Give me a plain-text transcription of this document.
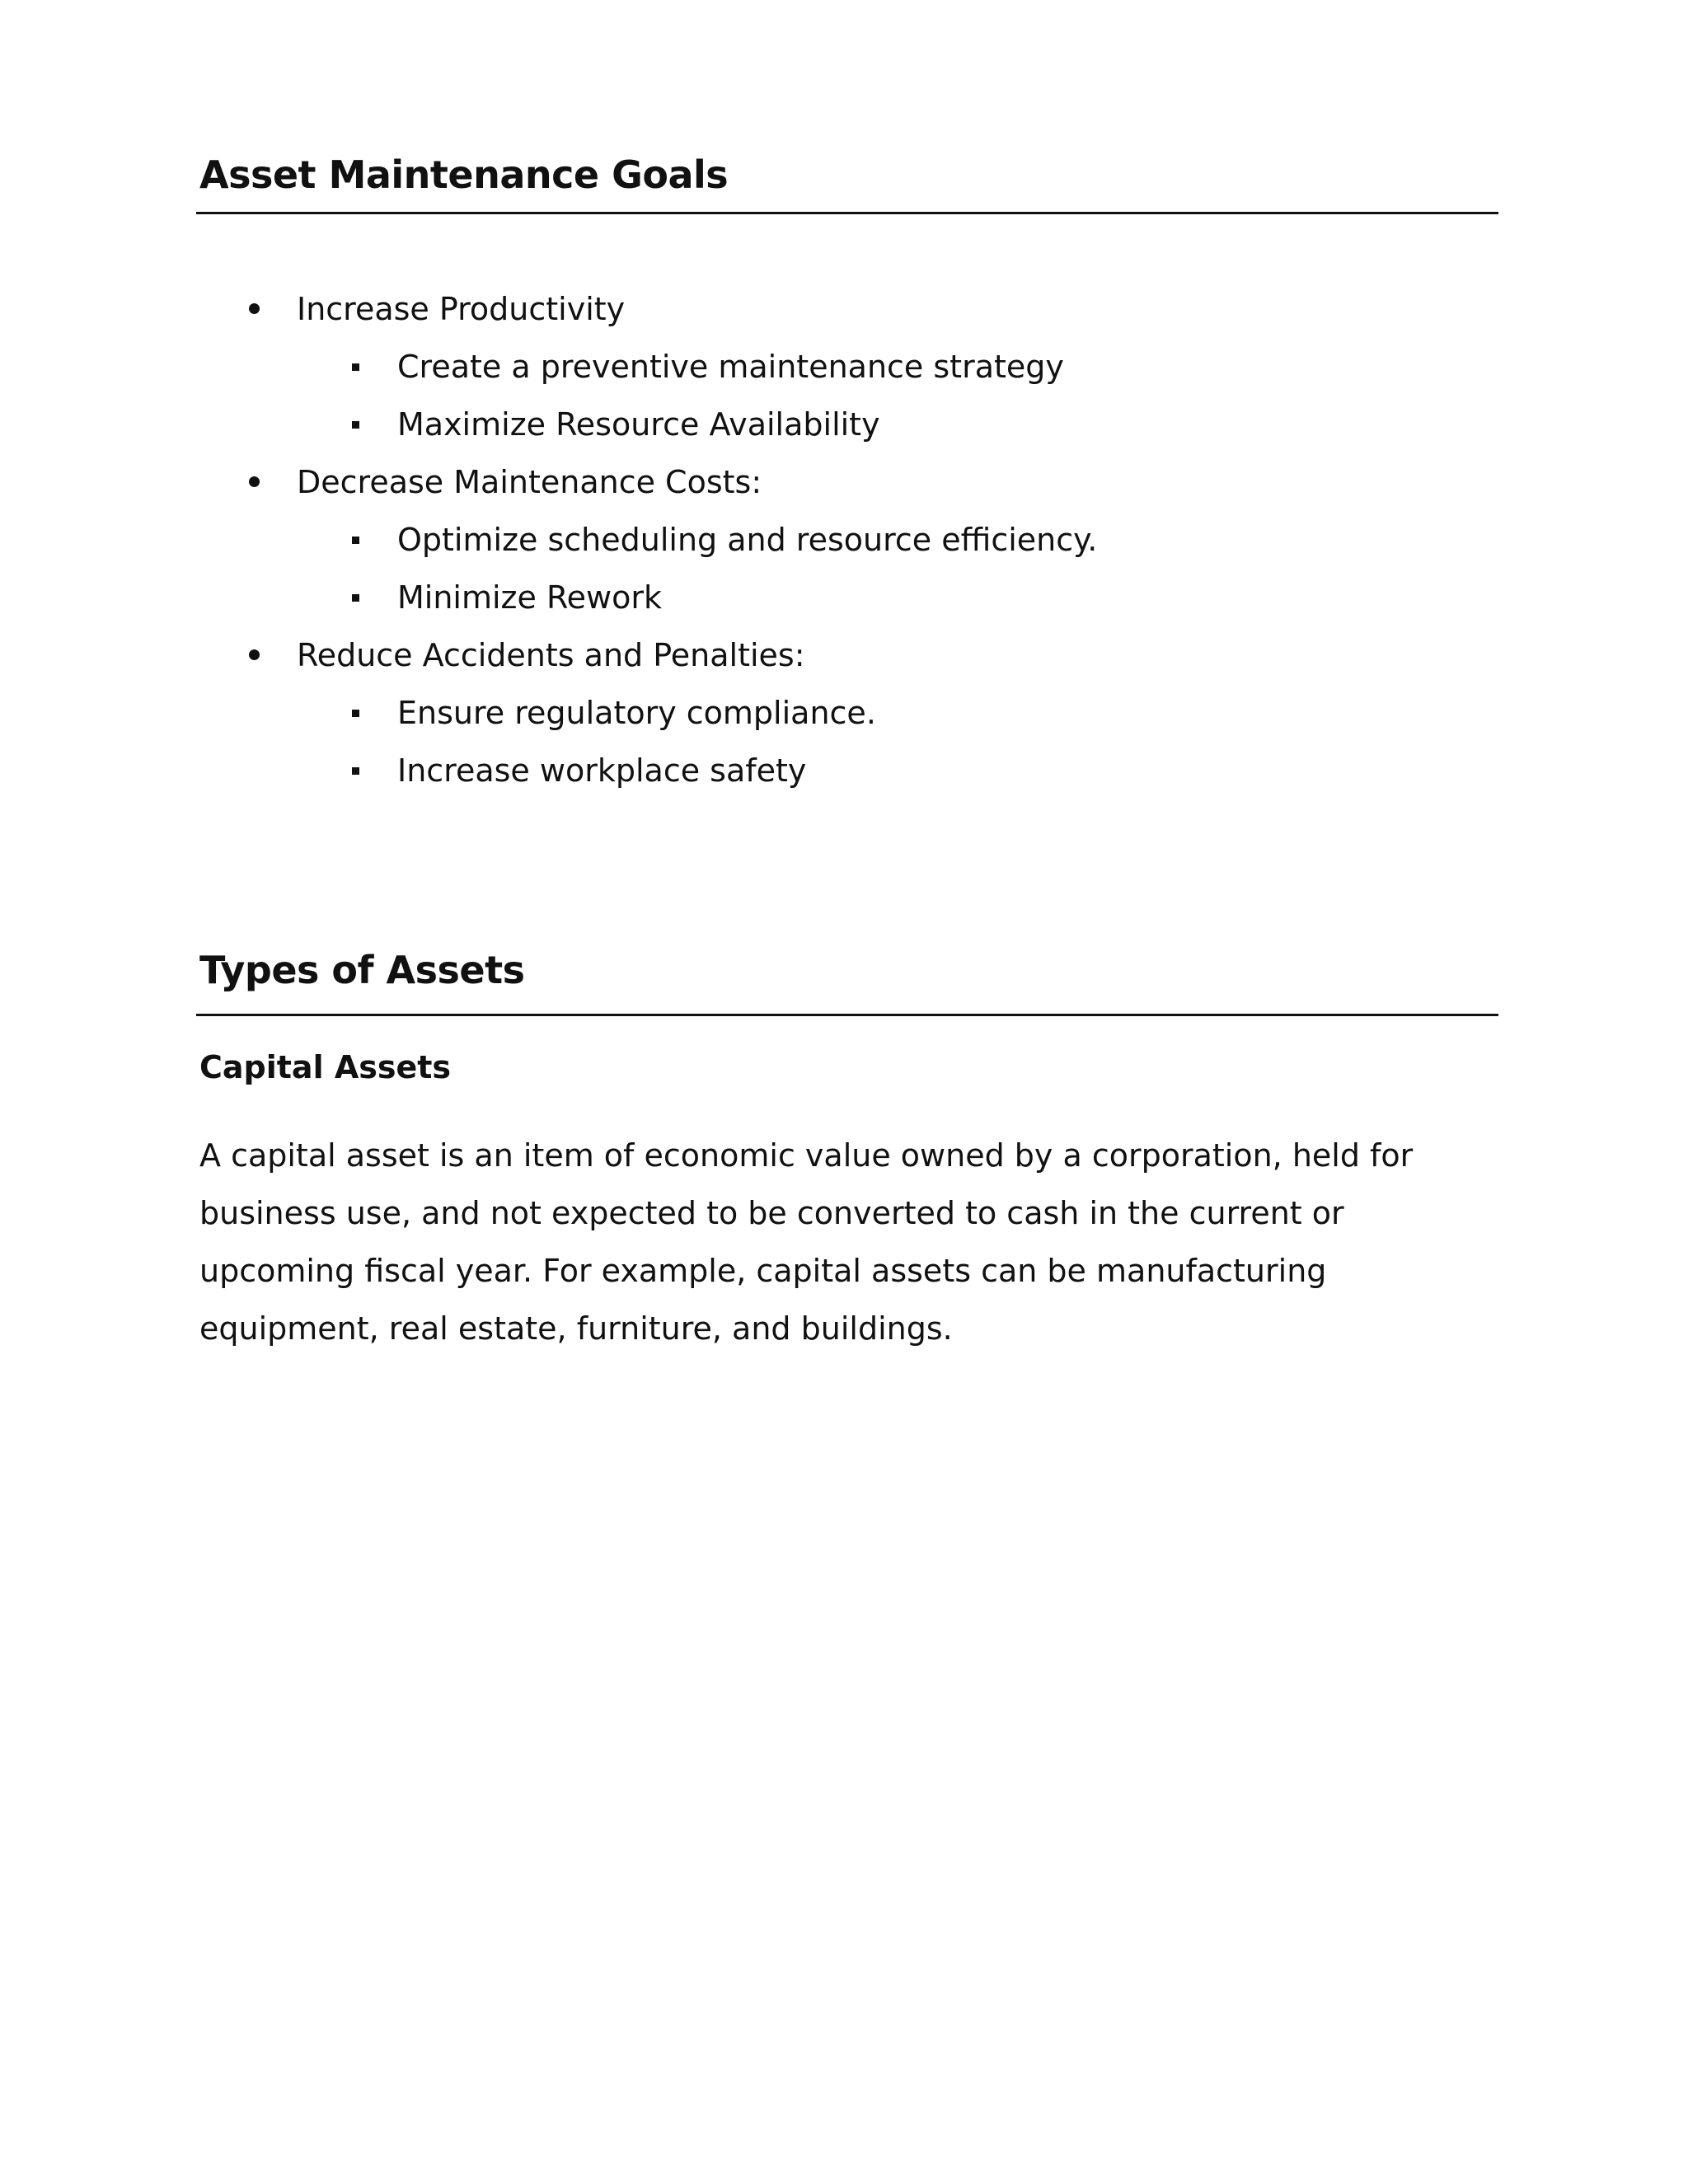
Asset Maintenance Goals
Increase Productivity
Create a preventive maintenance strategy
Maximize Resource Availability
Decrease Maintenance Costs:
Optimize scheduling and resource efficiency.
Minimize Rework
Reduce Accidents and Penalties:
Ensure regulatory compliance.
Increase workplace safety
Types of Assets
Capital Assets

A capital asset is an item of economic value owned by a corporation, held for business use, and not expected to be converted to cash in the current or upcoming fiscal year. For example, capital assets can be manufacturing equipment, real estate, furniture, and buildings.
